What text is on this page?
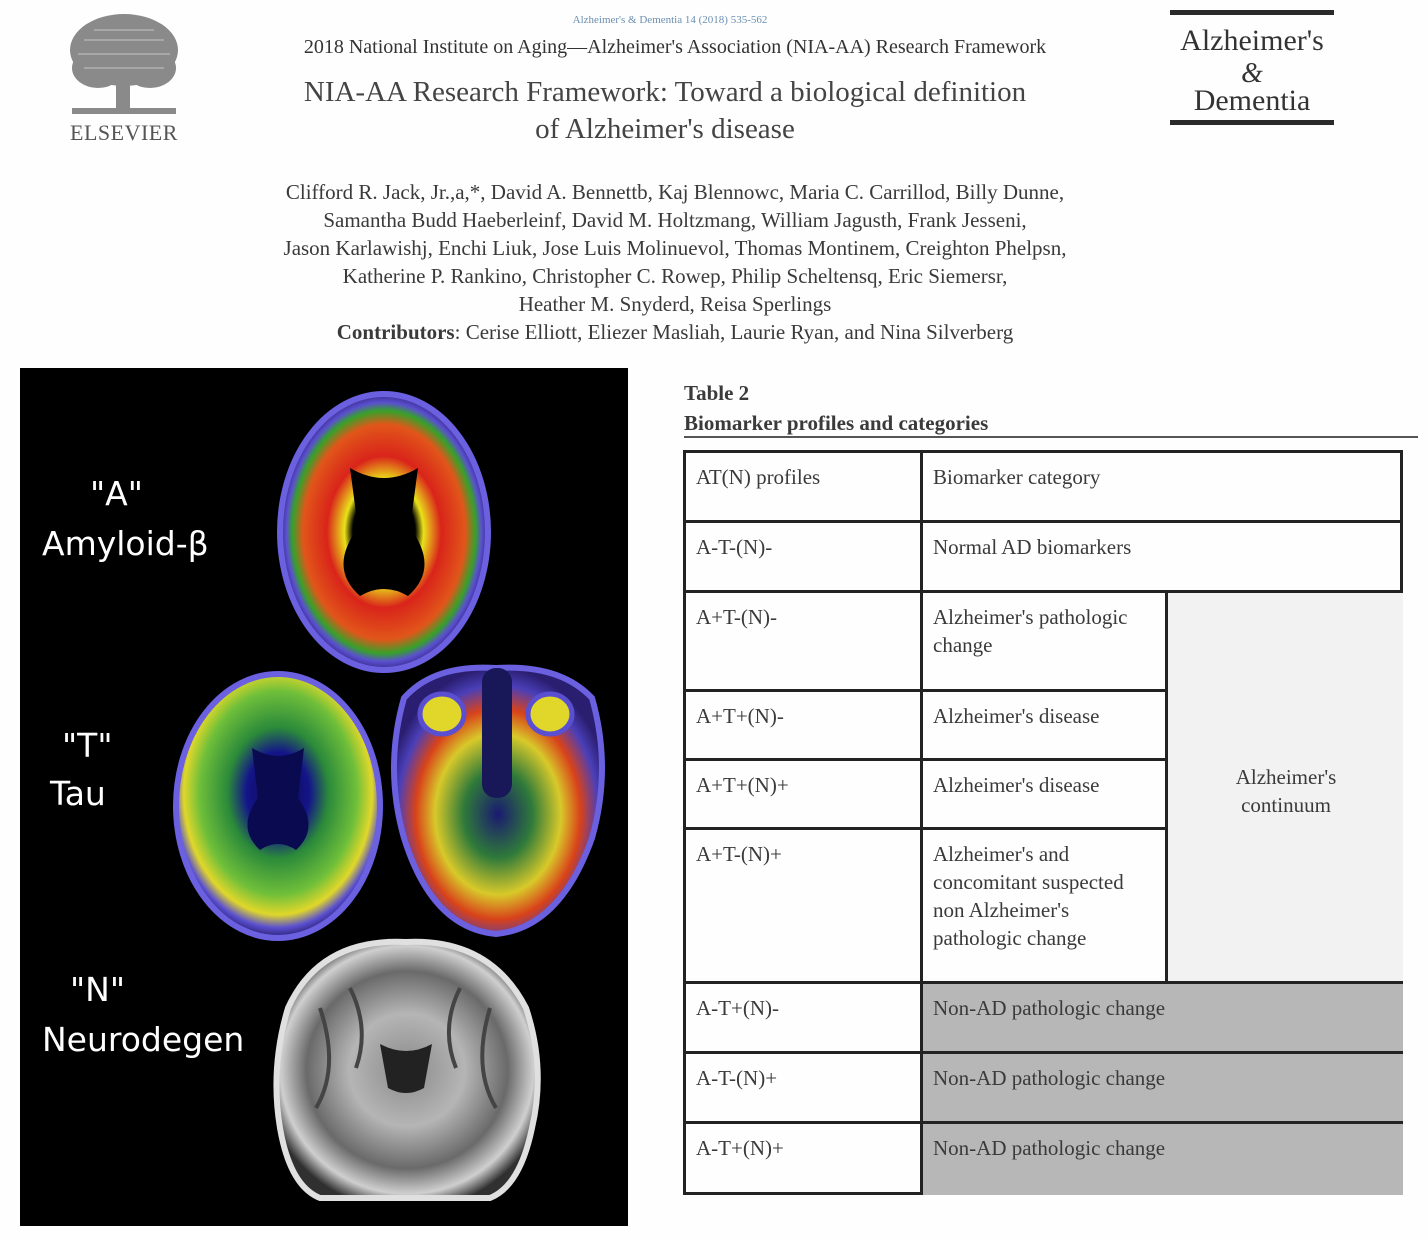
ELSEVIER
Alzheimer's & Dementia 14 (2018) 535-562
2018 National Institute on Aging—Alzheimer's Association (NIA-AA) Research Framework
NIA-AA Research Framework: Toward a biological definition
of Alzheimer's disease
Alzheimer's
&
Dementia
Clifford R. Jack, Jr.,a,*, David A. Bennettb, Kaj Blennowc, Maria C. Carrillod, Billy Dunne,
Samantha Budd Haeberleinf, David M. Holtzmang, William Jagusth, Frank Jesseni,
Jason Karlawishj, Enchi Liuk, Jose Luis Molinuevol, Thomas Montinem, Creighton Phelpsn,
Katherine P. Rankino, Christopher C. Rowep, Philip Scheltensq, Eric Siemersr,
Heather M. Snyderd, Reisa Sperlings
Contributors: Cerise Elliott, Eliezer Masliah, Laurie Ryan, and Nina Silverberg
"A"
Amyloid-β
"T"
Tau
"N"
Neurodegen
Table 2
Biomarker profiles and categories
AT(N) profiles	Biomarker category
A-T-(N)-	Normal AD biomarkers
A+T-(N)-	Alzheimer's pathologic change
A+T+(N)-	Alzheimer's disease
A+T+(N)+	Alzheimer's disease
A+T-(N)+	Alzheimer's and concomitant suspected non Alzheimer's pathologic change
A-T+(N)-	Non-AD pathologic change
A-T-(N)+	Non-AD pathologic change
A-T+(N)+	Non-AD pathologic change
Alzheimer's continuum
